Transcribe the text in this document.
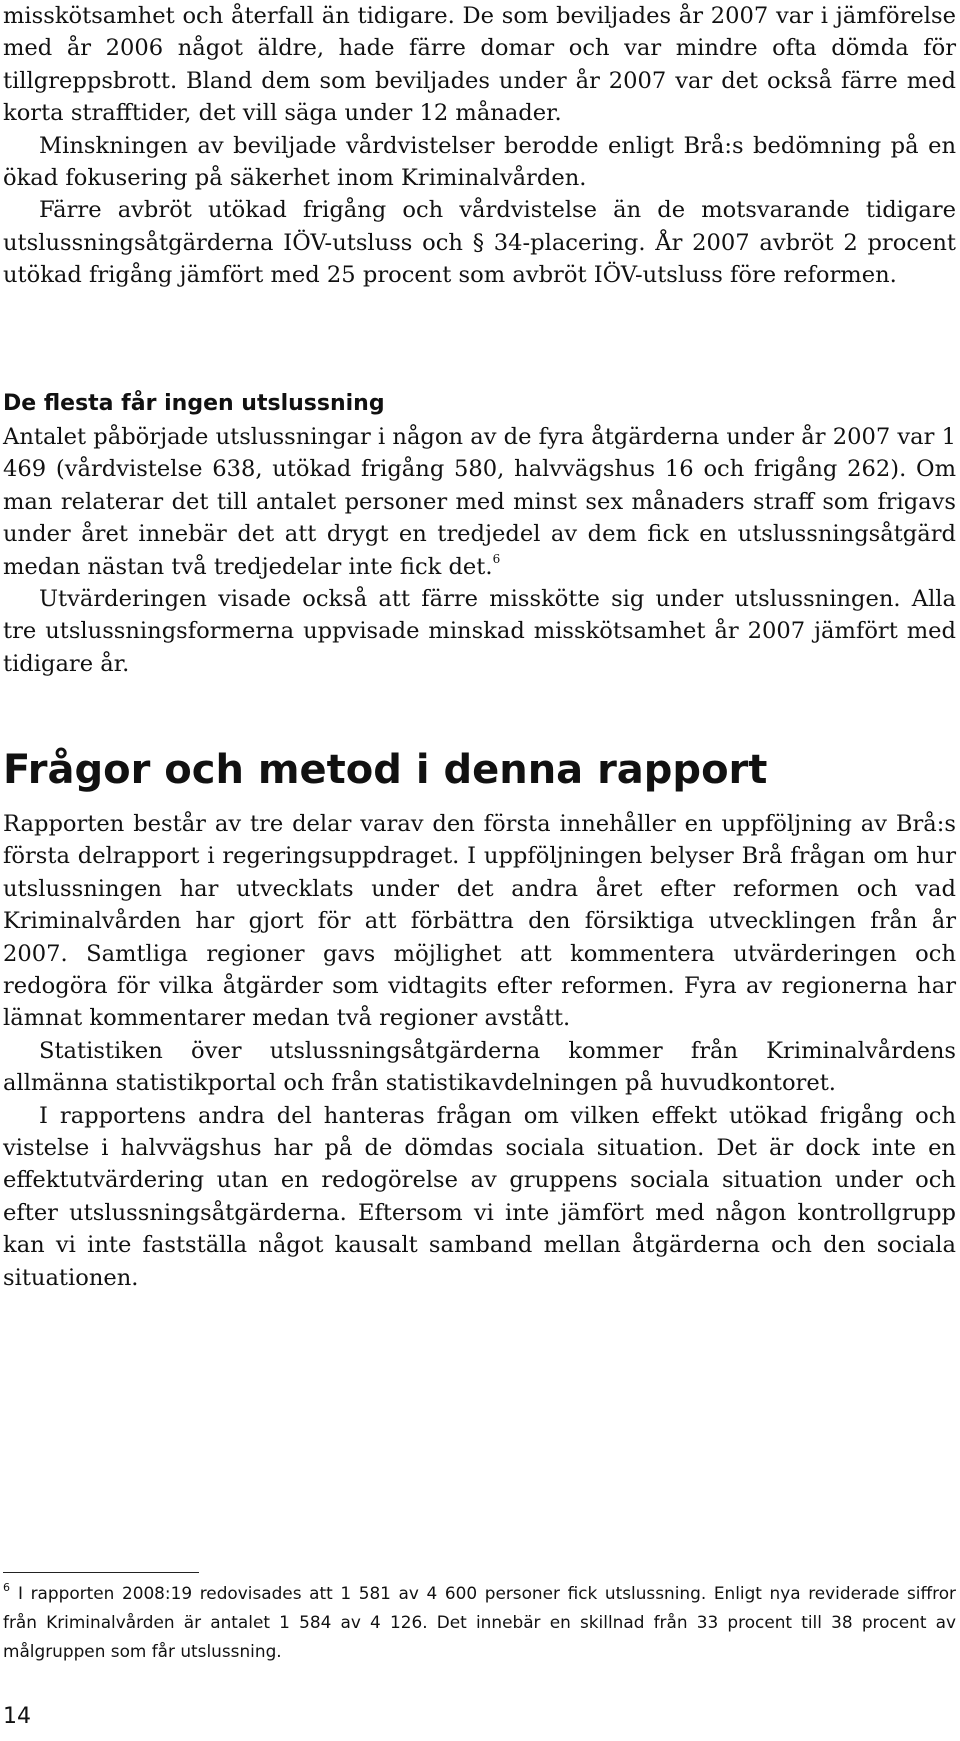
misskötsamhet och återfall än tidigare. De som beviljades år 2007 var i jämförelse med år 2006 något äldre, hade färre domar och var mindre ofta dömda för tillgreppsbrott. Bland dem som beviljades under år 2007 var det också färre med korta strafftider, det vill säga under 12 månader.

Minskningen av beviljade vårdvistelser berodde enligt Brå:s bedömning på en ökad fokusering på säkerhet inom Kriminalvården.

Färre avbröt utökad frigång och vårdvistelse än de motsvarande tidigare utslussningsåtgärderna IÖV-utsluss och § 34-placering. År 2007 avbröt 2 procent utökad frigång jämfört med 25 procent som avbröt IÖV-utsluss före reformen.

De flesta får ingen utslussning

Antalet påbörjade utslussningar i någon av de fyra åtgärderna under år 2007 var 1 469 (vårdvistelse 638, utökad frigång 580, halvvägshus 16 och frigång 262). Om man relaterar det till antalet personer med minst sex månaders straff som frigavs under året innebär det att drygt en tredjedel av dem fick en utslussningsåtgärd medan nästan två tredjedelar inte fick det.$^6$

Utvärderingen visade också att färre misskötte sig under utslussningen. Alla tre utslussningsformerna uppvisade minskad misskötsamhet år 2007 jämfört med tidigare år.

Frågor och metod i denna rapport

Rapporten består av tre delar varav den första innehåller en uppföljning av Brå:s första delrapport i regeringsuppdraget. I uppföljningen belyser Brå frågan om hur utslussningen har utvecklats under det andra året efter reformen och vad Kriminalvården har gjort för att förbättra den försiktiga utvecklingen från år 2007. Samtliga regioner gavs möjlighet att kommentera utvärderingen och redogöra för vilka åtgärder som vidtagits efter reformen. Fyra av regionerna har lämnat kommentarer medan två regioner avstått.

Statistiken över utslussningsåtgärderna kommer från Kriminalvårdens allmänna statistikportal och från statistikavdelningen på huvudkontoret.

I rapportens andra del hanteras frågan om vilken effekt utökad frigång och vistelse i halvvägshus har på de dömdas sociala situation. Det är dock inte en effektutvärdering utan en redogörelse av gruppens sociala situation under och efter utslussningsåtgärderna. Eftersom vi inte jämfört med någon kontrollgrupp kan vi inte fastställa något kausalt samband mellan åtgärderna och den sociala situationen.

$^6$ I rapporten 2008:19 redovisades att 1 581 av 4 600 personer fick utslussning. Enligt nya reviderade siffror från Kriminalvården är antalet 1 584 av 4 126. Det innebär en skillnad från 33 procent till 38 procent av målgruppen som får utslussning.

14
